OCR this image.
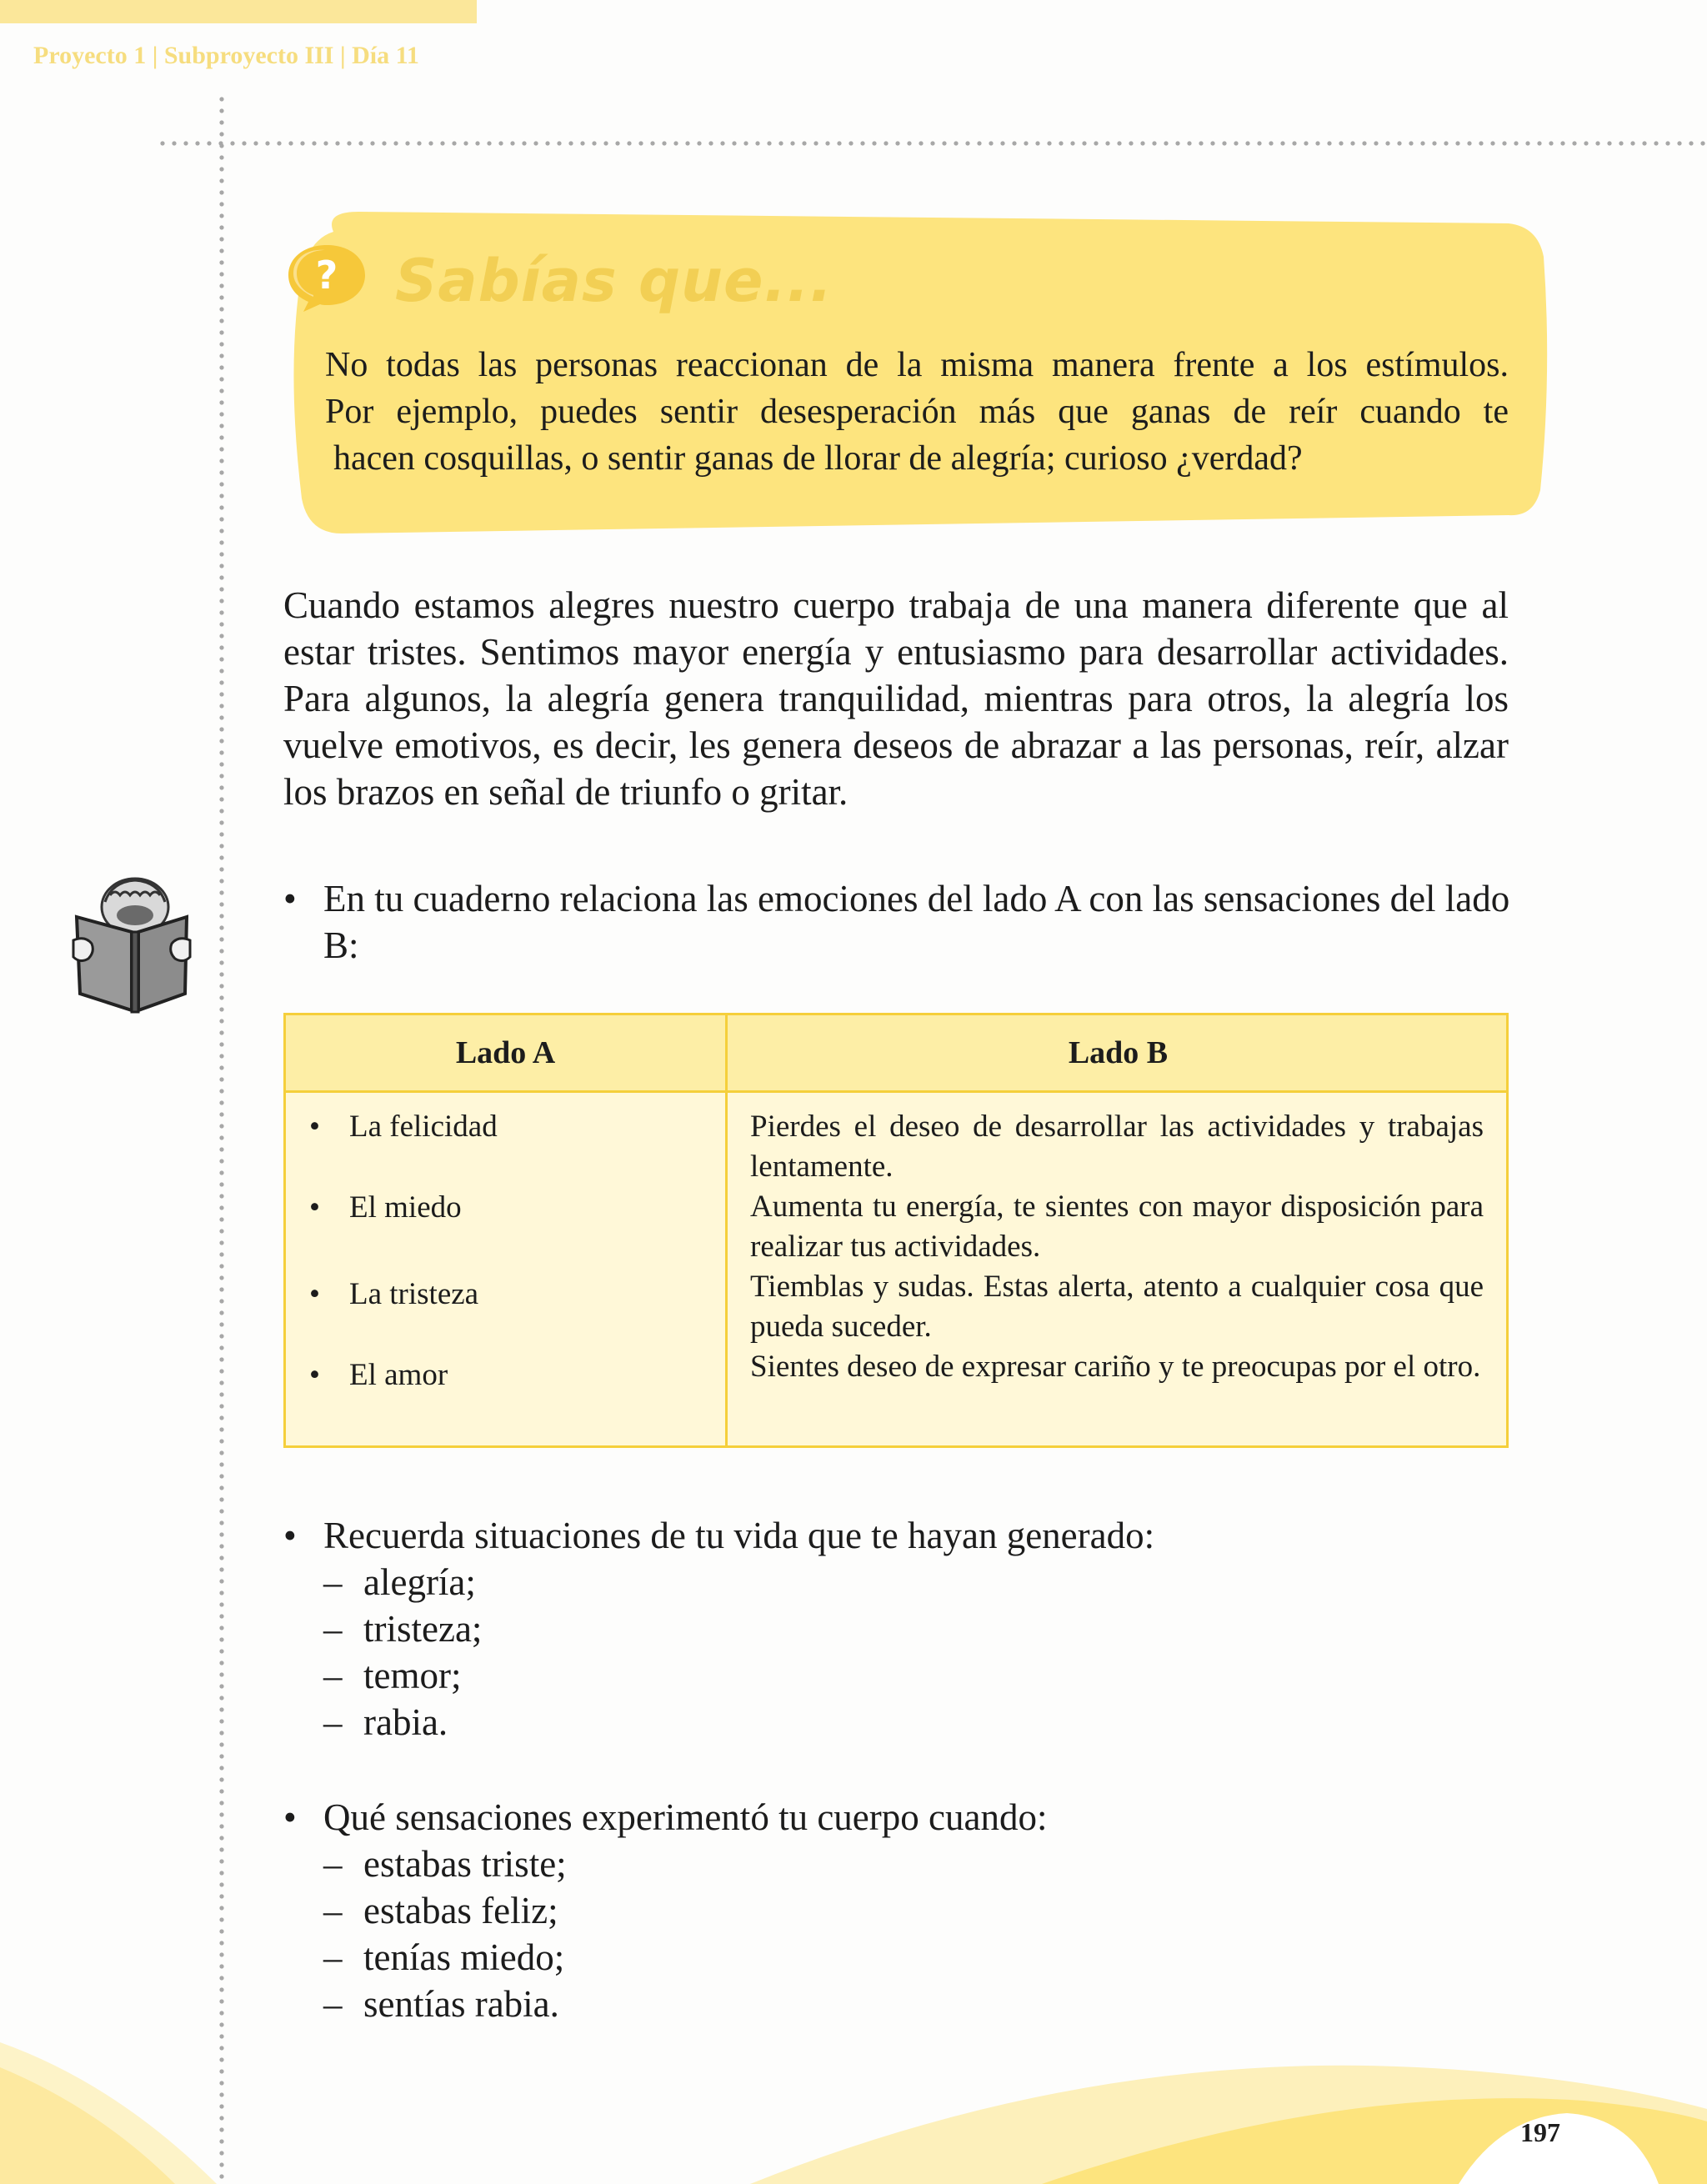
Proyecto 1 | Subproyecto III | Día 11
? Sabías que...
No todas las personas reaccionan de la misma manera frente a los estímulos.
Por ejemplo, puedes sentir desesperación más que ganas de reír cuando te
hacen cosquillas, o sentir ganas de llorar de alegría; curioso ¿verdad?
Cuando estamos alegres nuestro cuerpo trabaja de una manera diferente que al estar tristes. Sentimos mayor energía y entusiasmo para desarrollar actividades. Para algunos, la alegría genera tranquilidad, mientras para otros, la alegría los vuelve emotivos, es decir, les genera deseos de abrazar a las personas, reír, alzar los brazos en señal de triunfo o gritar.
• En tu cuaderno relaciona las emociones del lado A con las sensaciones del lado B:
Lado A	Lado B
• La felicidad
• El miedo
• La tristeza
• El amor
Pierdes el deseo de desarrollar las actividades y trabajas lentamente.
Aumenta tu energía, te sientes con mayor disposición para realizar tus actividades.
Tiemblas y sudas. Estas alerta, atento a cualquier cosa que pueda suceder.
Sientes deseo de expresar cariño y te preocupas por el otro.
• Recuerda situaciones de tu vida que te hayan generado:
– alegría;
– tristeza;
– temor;
– rabia.
• Qué sensaciones experimentó tu cuerpo cuando:
– estabas triste;
– estabas feliz;
– tenías miedo;
– sentías rabia.
197
